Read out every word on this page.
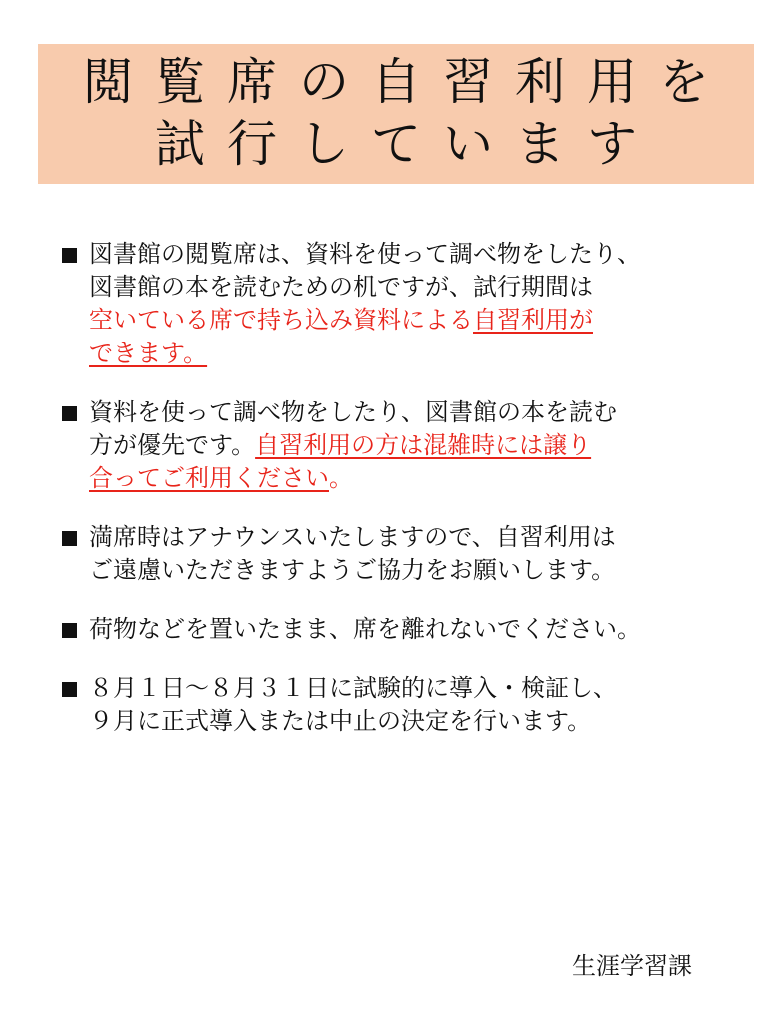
閲覧席の自習利用を
試行しています
図書館の閲覧席は、資料を使って調べ物をしたり、
図書館の本を読むための机ですが、試行期間は
空いている席で持ち込み資料による自習利用が
できます。
資料を使って調べ物をしたり、図書館の本を読む
方が優先です。自習利用の方は混雑時には譲り
合ってご利用ください。
満席時はアナウンスいたしますので、自習利用は
ご遠慮いただきますようご協力をお願いします。
荷物などを置いたまま、席を離れないでください。
８月１日～８月３１日に試験的に導入・検証し、
９月に正式導入または中止の決定を行います。
生涯学習課
